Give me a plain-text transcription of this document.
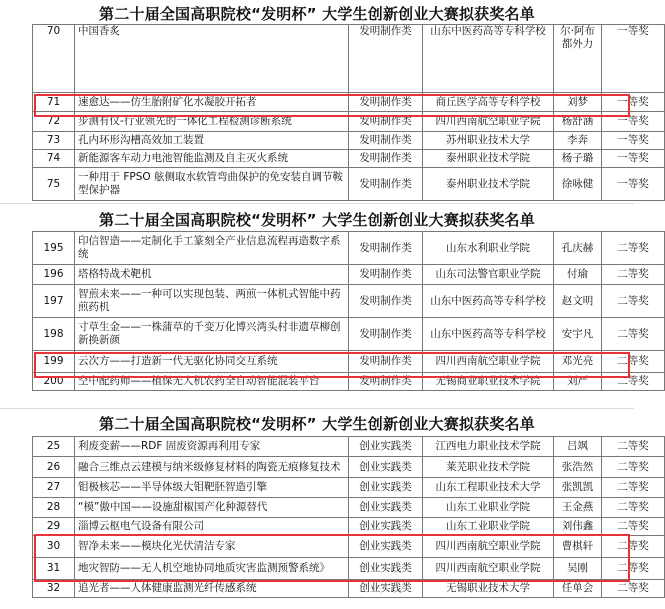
第二十届全国高职院校“发明杯” 大学生创新创业大赛拟获奖名单
70	中国香炙	发明制作类	山东中医药高等专科学校	尔·阿布都外力	一等奖
71	速愈达——仿生胎附矿化水凝胶开拓者	发明制作类	商丘医学高等专科学校	刘梦	一等奖
72	步测有仪-行业领先的一体化工程检测诊断系统	发明制作类	四川西南航空职业学院	杨舒涵	一等奖
73	孔内环形沟槽高效加工装置	发明制作类	苏州职业技术大学	李奔	一等奖
74	新能源客车动力电池智能监测及自主灭火系统	发明制作类	泰州职业技术学院	杨子璐	一等奖
75	一种用于 FPSO 舷侧取水软管弯曲保护的免安装自调节鞍型保护器	发明制作类	泰州职业技术学院	徐咏健	一等奖
第二十届全国高职院校“发明杯” 大学生创新创业大赛拟获奖名单
195	印信智造——定制化手工篆刻全产业信息流程再造数字系统	发明制作类	山东水利职业学院	孔庆赫	二等奖
196	塔格特战术靶机	发明制作类	山东司法警官职业学院	付瑜	二等奖
197	智煎未来——一种可以实现包装、两煎一体机式智能中药煎药机	发明制作类	山东中医药高等专科学校	赵文明	二等奖
198	寸草生金——一株蒲草的千变万化博兴湾头村非遗草柳创新换新颜	发明制作类	山东中医药高等专科学校	安宇凡	二等奖
199	云次方——打造新一代无驱化协同交互系统	发明制作类	四川西南航空职业学院	邓光亮	二等奖
200	空中配药师——植保无人机农药全自动智能混装平台	发明制作类	无锡商业职业技术学院	刘严	二等奖
第二十届全国高职院校“发明杯” 大学生创新创业大赛拟获奖名单
25	利废变薪——RDF 固废资源再利用专家	创业实践类	江西电力职业技术学院	吕飒	二等奖
26	融合三维点云建模与纳米级修复材料的陶瓷无痕修复技术	创业实践类	莱芜职业技术学院	张浩然	二等奖
27	钼极核芯——半导体级大钼靶胚智造引擎	创业实践类	山东工程职业技术大学	张凯凯	二等奖
28	“模”傲中国——设施甜椒国产化种源替代	创业实践类	山东工业职业学院	王金燕	二等奖
29	淄博云枢电气设备有限公司	创业实践类	山东工业职业学院	刘伟鑫	二等奖
30	智净未来——模块化光伏清洁专家	创业实践类	四川西南航空职业学院	曹棋轩	二等奖
31	地灾智防——无人机空地协同地质灾害监测预警系统》	创业实践类	四川西南航空职业学院	吴刚	二等奖
32	追光者——人体健康监测光纤传感系统	创业实践类	无锡职业技术大学	任单会	二等奖
